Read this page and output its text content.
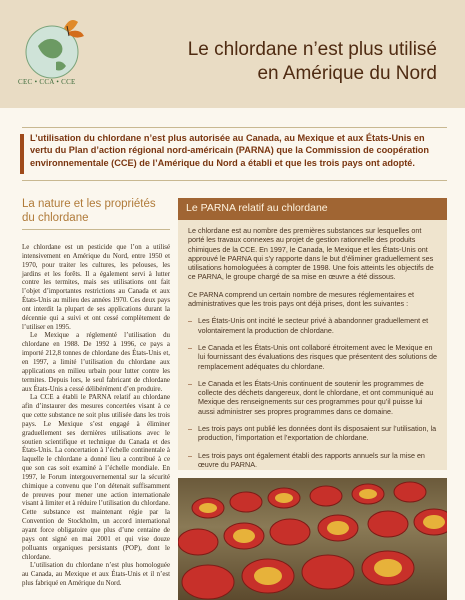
CEC • CCA • CCE
Le chlordane n’est plus utilisé
en Amérique du Nord

L’utilisation du chlordane n’est plus autorisée au Canada, au Mexique et aux États-Unis en vertu du Plan d’action régional nord-américain (PARNA) que la Commission de coopération environnementale (CCE) de l’Amérique du Nord a établi et que les trois pays ont adopté.

La nature et les propriétés du chlordane

Le chlordane est un pesticide que l’on a utilisé intensivement en Amérique du Nord, entre 1950 et 1970, pour traiter les cultures, les pelouses, les jardins et les forêts. Il a également servi à lutter contre les termites, mais ses utilisations ont fait l’objet d’importantes restrictions au Canada et aux États-Unis au milieu des années 1970. Ces deux pays ont interdit la plupart de ses applications durant la décennie qui a suivi et ont cessé complètement de l’utiliser en 1995.

Le Mexique a réglementé l’utilisation du chlordane en 1988. De 1992 à 1996, ce pays a importé 212,8 tonnes de chlordane des États-Unis et, en 1997, a limité l’utilisation du chlordane aux applications en milieu urbain pour lutter contre les termites. Depuis lors, le seul fabricant de chlordane aux États-Unis a cessé délibérément d’en produire.

La CCE a établi le PARNA relatif au chlordane afin d’instaurer des mesures concertées visant à ce que cette substance ne soit plus utilisée dans les trois pays. Le Mexique s’est engagé à éliminer graduellement ses dernières utilisations avec le soutien scientifique et technique du Canada et des États-Unis. La concertation à l’échelle continentale à laquelle le chlordane a donné lieu a contribué à ce que son cas soit examiné à l’échelle mondiale. En 1997, le Forum intergouvernemental sur la sécurité chimique a convenu que l’on détenait suffisamment de preuves pour mener une action internationale visant à limiter et à réduire l’utilisation du chlordane. Cette substance est maintenant régie par la Convention de Stockholm, un accord international ayant force obligatoire que plus d’une centaine de pays ont signé en mai 2001 et qui vise douze polluants organiques persistants (POP), dont le chlordane.

L’utilisation du chlordane n’est plus homologuée au Canada, au Mexique et aux États-Unis et il n’est plus fabriqué en Amérique du Nord.

Le PARNA relatif au chlordane

Le chlordane est au nombre des premières substances sur lesquelles ont porté les travaux connexes au projet de gestion rationnelle des produits chimiques de la CCE. En 1997, le Canada, le Mexique et les États-Unis ont approuvé le PARNA qui s’y rapporte dans le but d’éliminer graduellement ses utilisations homologuées à compter de 1998. Une fois atteints les objectifs de ce PARNA, le groupe chargé de sa mise en œuvre a été dissous.

Ce PARNA comprend un certain nombre de mesures réglementaires et administratives que les trois pays ont déjà prises, dont les suivantes :

– Les États-Unis ont incité le secteur privé à abandonner graduellement et volontairement la production de chlordane.
– Le Canada et les États-Unis ont collaboré étroitement avec le Mexique en lui fournissant des évaluations des risques que présentent des solutions de remplacement adéquates du chlordane.
– Le Canada et les États-Unis continuent de soutenir les programmes de collecte des déchets dangereux, dont le chlordane, et ont communiqué au Mexique des renseignements sur ces programmes pour qu’il puisse lui aussi administrer ses propres programmes dans ce domaine.
– Les trois pays ont publié les données dont ils disposaient sur l’utilisation, la production, l’importation et l’exportation de chlordane.
– Les trois pays ont également établi des rapports annuels sur la mise en œuvre du PARNA.
